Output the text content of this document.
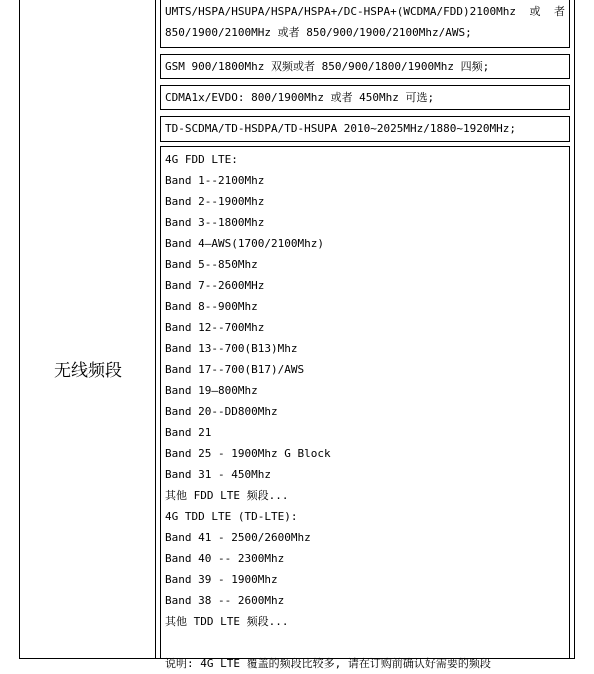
无线频段
UMTS/HSPA/HSUPA/HSPA/HSPA+/DC-HSPA+(WCDMA/FDD)2100Mhz 或 者
850/1900/2100MHz 或者 850/900/1900/2100Mhz/AWS;
GSM 900/1800Mhz 双频或者 850/900/1800/1900Mhz 四频;
CDMA1x/EVDO: 800/1900Mhz 或者 450Mhz 可选;
TD-SCDMA/TD-HSDPA/TD-HSUPA 2010~2025MHz/1880~1920MHz;
4G FDD LTE:
Band 1--2100Mhz
Band 2--1900Mhz
Band 3--1800Mhz
Band 4—AWS(1700/2100Mhz)
Band 5--850Mhz
Band 7--2600MHz
Band 8--900Mhz
Band 12--700Mhz
Band 13--700(B13)Mhz
Band 17--700(B17)/AWS
Band 19—800Mhz
Band 20--DD800Mhz
Band 21
Band 25 - 1900Mhz G Block
Band 31 - 450Mhz
其他 FDD LTE 频段...
4G TDD LTE (TD-LTE):
Band 41 - 2500/2600Mhz
Band 40 -- 2300Mhz
Band 39 - 1900Mhz
Band 38 -- 2600Mhz
其他 TDD LTE 频段...
说明: 4G LTE 覆盖的频段比较多, 请在订购前确认好需要的频段
